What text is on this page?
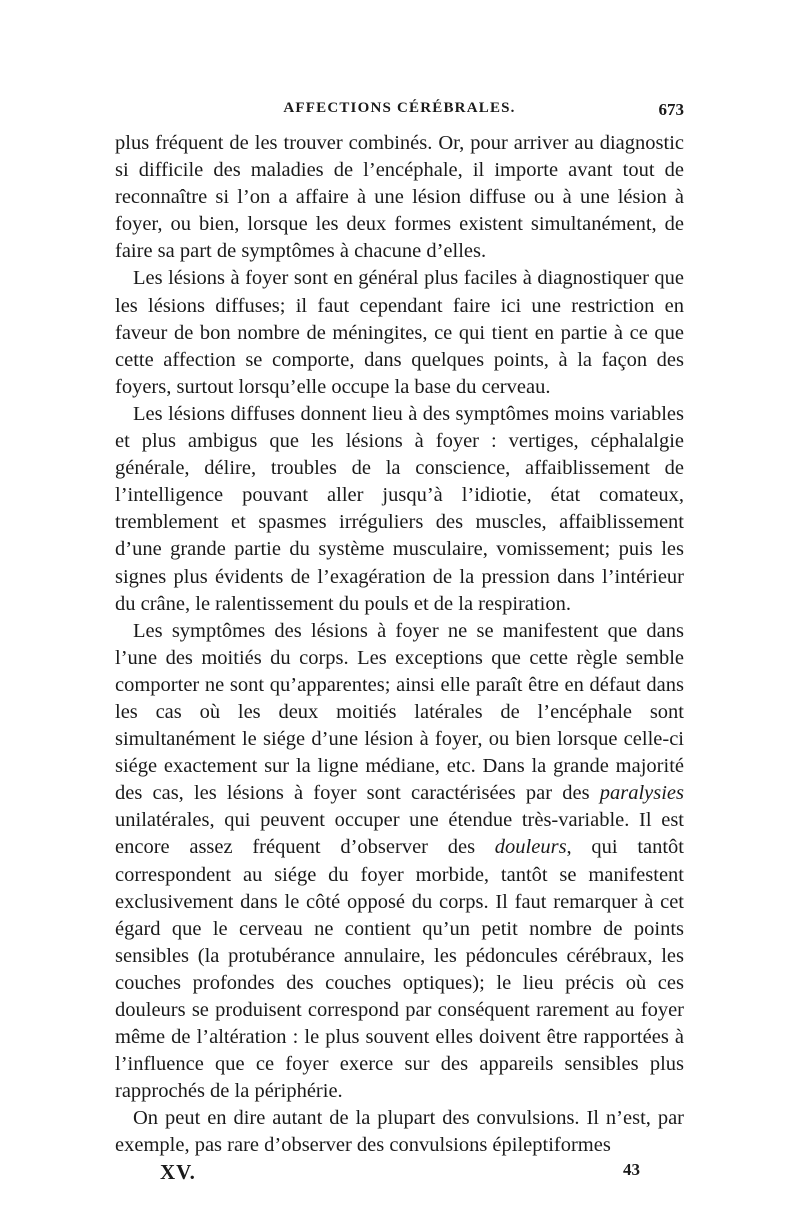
AFFECTIONS CÉRÉBRALES.	673

plus fréquent de les trouver combinés. Or, pour arriver au diagnostic si difficile des maladies de l’encéphale, il importe avant tout de reconnaître si l’on a affaire à une lésion diffuse ou à une lésion à foyer, ou bien, lorsque les deux formes existent simultanément, de faire sa part de symptômes à chacune d’elles.

Les lésions à foyer sont en général plus faciles à diagnostiquer que les lésions diffuses; il faut cependant faire ici une restriction en faveur de bon nombre de méningites, ce qui tient en partie à ce que cette affection se comporte, dans quelques points, à la façon des foyers, surtout lorsqu’elle occupe la base du cerveau.

Les lésions diffuses donnent lieu à des symptômes moins variables et plus ambigus que les lésions à foyer : vertiges, céphalalgie générale, délire, troubles de la conscience, affaiblissement de l’intelligence pouvant aller jusqu’à l’idiotie, état comateux, tremblement et spasmes irréguliers des muscles, affaiblissement d’une grande partie du système musculaire, vomissement; puis les signes plus évidents de l’exagération de la pression dans l’intérieur du crâne, le ralentissement du pouls et de la respiration.

Les symptômes des lésions à foyer ne se manifestent que dans l’une des moitiés du corps. Les exceptions que cette règle semble comporter ne sont qu’apparentes; ainsi elle paraît être en défaut dans les cas où les deux moitiés latérales de l’encéphale sont simultanément le siége d’une lésion à foyer, ou bien lorsque celle-ci siége exactement sur la ligne médiane, etc. Dans la grande majorité des cas, les lésions à foyer sont caractérisées par des paralysies unilatérales, qui peuvent occuper une étendue très-variable. Il est encore assez fréquent d’observer des douleurs, qui tantôt correspondent au siége du foyer morbide, tantôt se manifestent exclusivement dans le côté opposé du corps. Il faut remarquer à cet égard que le cerveau ne contient qu’un petit nombre de points sensibles (la protubérance annulaire, les pédoncules cérébraux, les couches profondes des couches optiques); le lieu précis où ces douleurs se produisent correspond par conséquent rarement au foyer même de l’altération : le plus souvent elles doivent être rapportées à l’influence que ce foyer exerce sur des appareils sensibles plus rapprochés de la périphérie.

On peut en dire autant de la plupart des convulsions. Il n’est, par exemple, pas rare d’observer des convulsions épileptiformes

XV.	43
